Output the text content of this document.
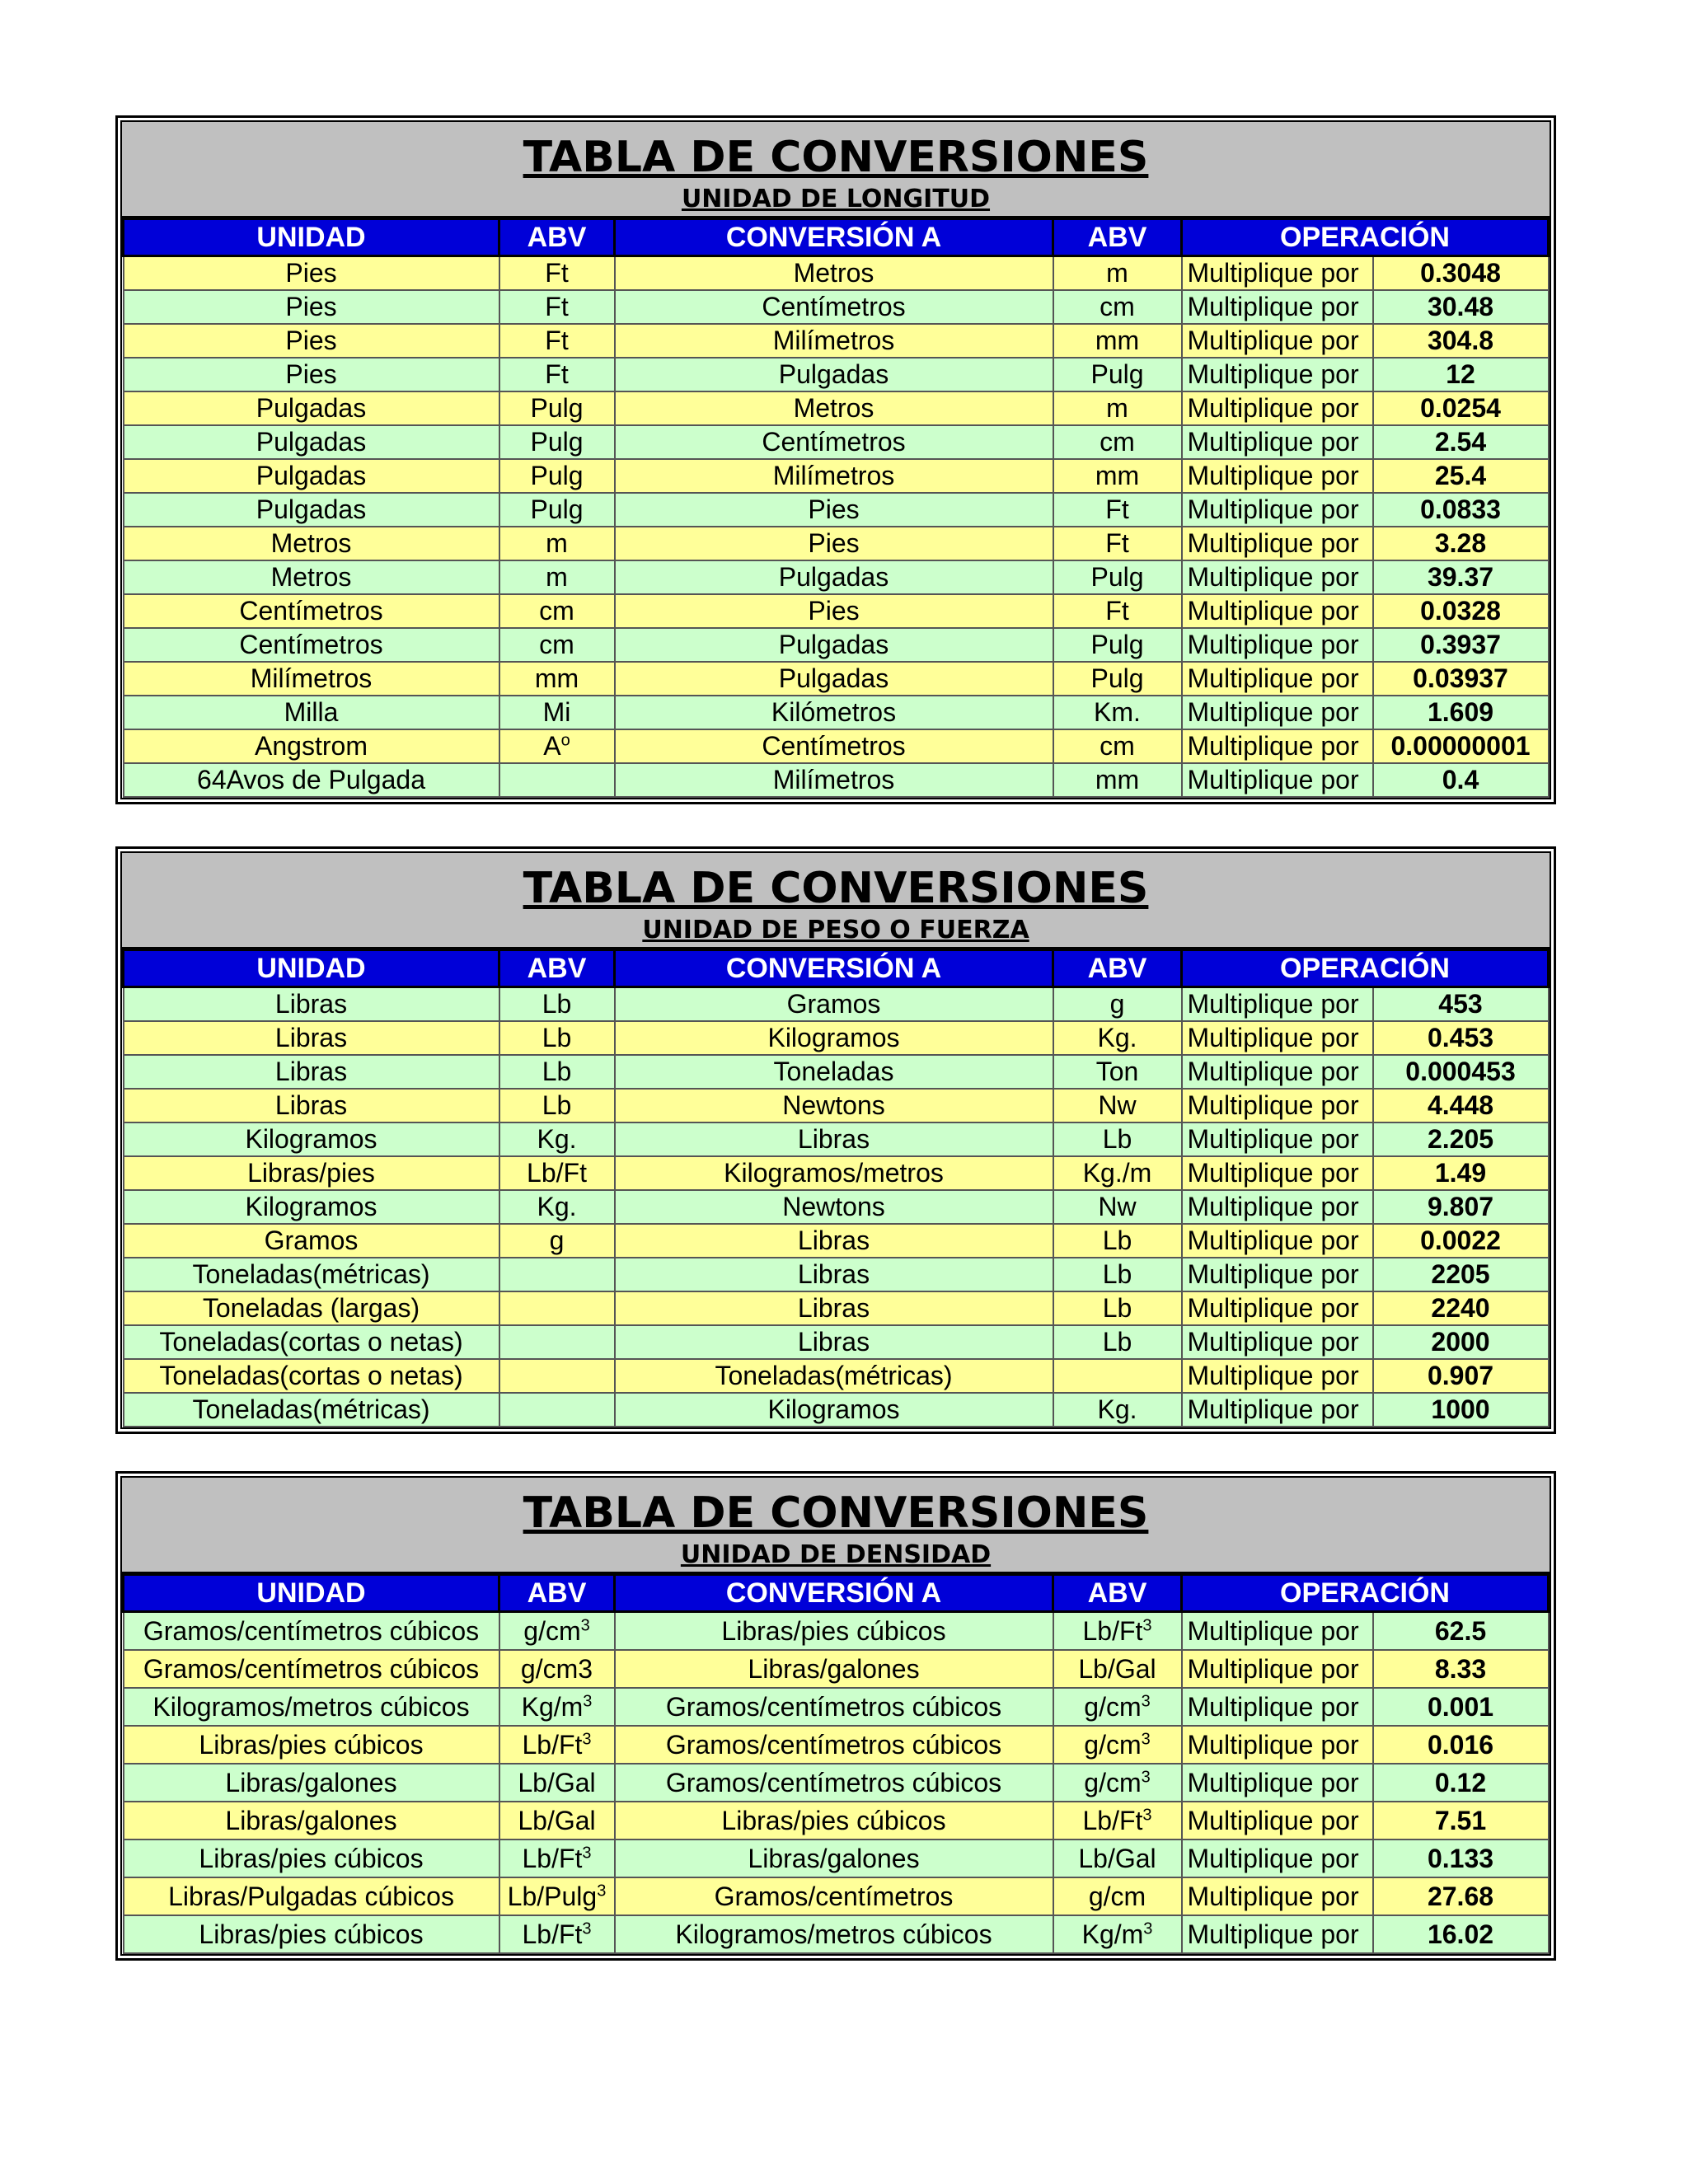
TABLA DE CONVERSIONES
UNIDAD DE LONGITUD
UNIDAD	ABV	CONVERSIÓN A	ABV	OPERACIÓN	
Pies	Ft	Metros	m	Multiplique por	0.3048
Pies	Ft	Centímetros	cm	Multiplique por	30.48
Pies	Ft	Milímetros	mm	Multiplique por	304.8
Pies	Ft	Pulgadas	Pulg	Multiplique por	12
Pulgadas	Pulg	Metros	m	Multiplique por	0.0254
Pulgadas	Pulg	Centímetros	cm	Multiplique por	2.54
Pulgadas	Pulg	Milímetros	mm	Multiplique por	25.4
Pulgadas	Pulg	Pies	Ft	Multiplique por	0.0833
Metros	m	Pies	Ft	Multiplique por	3.28
Metros	m	Pulgadas	Pulg	Multiplique por	39.37
Centímetros	cm	Pies	Ft	Multiplique por	0.0328
Centímetros	cm	Pulgadas	Pulg	Multiplique por	0.3937
Milímetros	mm	Pulgadas	Pulg	Multiplique por	0.03937
Milla	Mi	Kilómetros	Km.	Multiplique por	1.609
Angstrom	$A^o$	Centímetros	cm	Multiplique por	0.00000001
64Avos de Pulgada		Milímetros	mm	Multiplique por	0.4
TABLA DE CONVERSIONES
UNIDAD DE PESO O FUERZA
UNIDAD	ABV	CONVERSIÓN A	ABV	OPERACIÓN	
Libras	Lb	Gramos	g	Multiplique por	453
Libras	Lb	Kilogramos	Kg.	Multiplique por	0.453
Libras	Lb	Toneladas	Ton	Multiplique por	0.000453
Libras	Lb	Newtons	Nw	Multiplique por	4.448
Kilogramos	Kg.	Libras	Lb	Multiplique por	2.205
Libras/pies	Lb/Ft	Kilogramos/metros	Kg./m	Multiplique por	1.49
Kilogramos	Kg.	Newtons	Nw	Multiplique por	9.807
Gramos	g	Libras	Lb	Multiplique por	0.0022
Toneladas(métricas)		Libras	Lb	Multiplique por	2205
Toneladas (largas)		Libras	Lb	Multiplique por	2240
Toneladas(cortas o netas)		Libras	Lb	Multiplique por	2000
Toneladas(cortas o netas)		Toneladas(métricas)		Multiplique por	0.907
Toneladas(métricas)		Kilogramos	Kg.	Multiplique por	1000
TABLA DE CONVERSIONES
UNIDAD DE DENSIDAD
UNIDAD	ABV	CONVERSIÓN A	ABV	OPERACIÓN	
Gramos/centímetros cúbicos	$g/cm^3$	Libras/pies cúbicos	Lb/Ft$^3$	Multiplique por	62.5
Gramos/centímetros cúbicos	g/cm3	Libras/galones	Lb/Gal	Multiplique por	8.33
Kilogramos/metros cúbicos	$Kg/m^3$	Gramos/centímetros cúbicos	$g/cm^3$	Multiplique por	0.001
Libras/pies cúbicos	Lb/Ft$^3$	Gramos/centímetros cúbicos	$g/cm^3$	Multiplique por	0.016
Libras/galones	Lb/Gal	Gramos/centímetros cúbicos	$g/cm^3$	Multiplique por	0.12
Libras/galones	Lb/Gal	Libras/pies cúbicos	Lb/Ft$^3$	Multiplique por	7.51
Libras/pies cúbicos	Lb/Ft$^3$	Libras/galones	Lb/Gal	Multiplique por	0.133
Libras/Pulgadas cúbicos	Lb/Pulg$^3$	Gramos/centímetros	g/cm	Multiplique por	27.68
Libras/pies cúbicos	Lb/Ft$^3$	Kilogramos/metros cúbicos	$Kg/m^3$	Multiplique por	16.02
